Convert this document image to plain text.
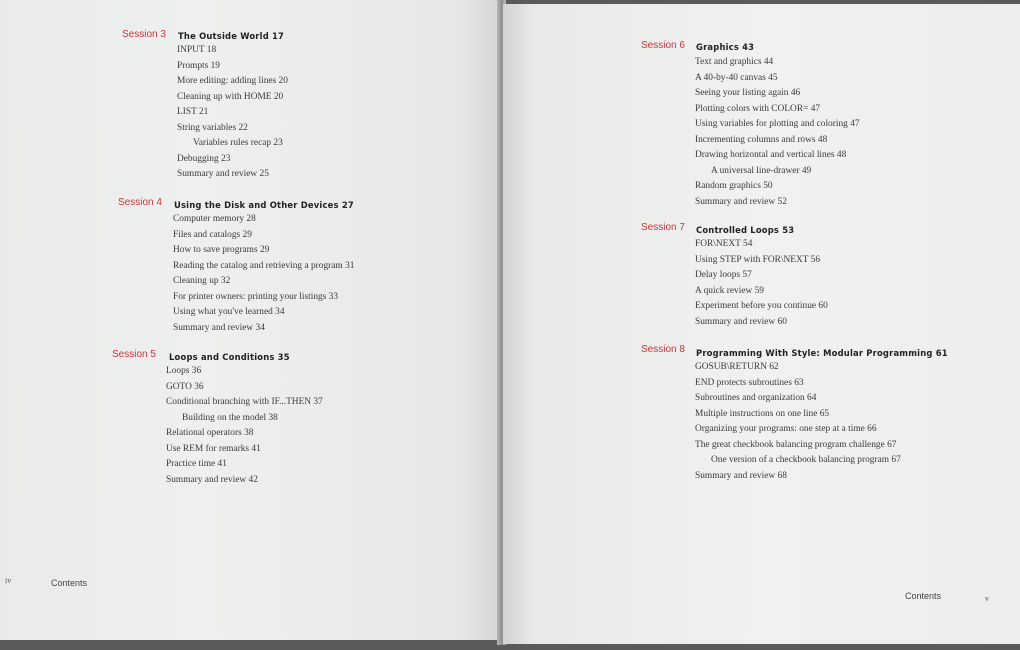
Session 3 The Outside World 17
INPUT 18
Prompts 19
More editing: adding lines 20
Cleaning up with HOME 20
LIST 21
String variables 22
Variables rules recap 23
Debugging 23
Summary and review 25
Session 4 Using the Disk and Other Devices 27
Computer memory 28
Files and catalogs 29
How to save programs 29
Reading the catalog and retrieving a program 31
Cleaning up 32
For printer owners: printing your listings 33
Using what you've learned 34
Summary and review 34
Session 5 Loops and Conditions 35
Loops 36
GOTO 36
Conditional branching with IF...THEN 37
Building on the model 38
Relational operators 38
Use REM for remarks 41
Practice time 41
Summary and review 42
iv	Contents
Session 6 Graphics 43
Text and graphics 44
A 40-by-40 canvas 45
Seeing your listing again 46
Plotting colors with COLOR= 47
Using variables for plotting and coloring 47
Incrementing columns and rows 48
Drawing horizontal and vertical lines 48
A universal line-drawer 49
Random graphics 50
Summary and review 52
Session 7 Controlled Loops 53
FOR\NEXT 54
Using STEP with FOR\NEXT 56
Delay loops 57
A quick review 59
Experiment before you continue 60
Summary and review 60
Session 8 Programming With Style: Modular Programming 61
GOSUB\RETURN 62
END protects subroutines 63
Subroutines and organization 64
Multiple instructions on one line 65
Organizing your programs: one step at a time 66
The great checkbook balancing program challenge 67
One version of a checkbook balancing program 67
Summary and review 68
Contents	v
